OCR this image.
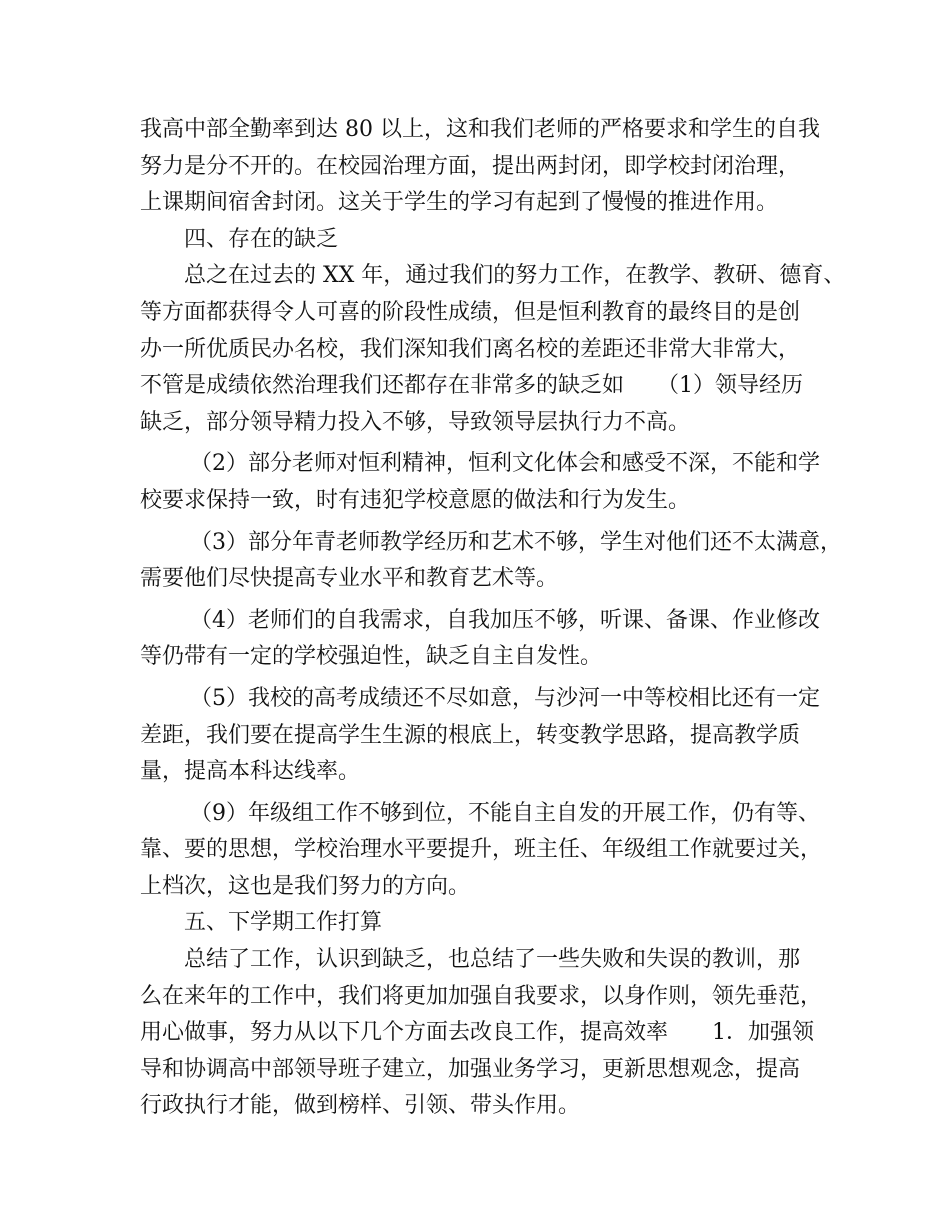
我高中部全勤率到达 80 以上，这和我们老师的严格要求和学生的自我
努力是分不开的。在校园治理方面，提出两封闭，即学校封闭治理，
上课期间宿舍封闭。这关于学生的学习有起到了慢慢的推进作用。
四、存在的缺乏
总之在过去的 XX 年，通过我们的努力工作，在教学、教研、德育、
等方面都获得令人可喜的阶段性成绩，但是恒利教育的最终目的是创
办一所优质民办名校，我们深知我们离名校的差距还非常大非常大，
不管是成绩依然治理我们还都存在非常多的缺乏如　　（1）领导经历
缺乏，部分领导精力投入不够，导致领导层执行力不高。
（2）部分老师对恒利精神，恒利文化体会和感受不深，不能和学
校要求保持一致，时有违犯学校意愿的做法和行为发生。
（3）部分年青老师教学经历和艺术不够，学生对他们还不太满意，
需要他们尽快提高专业水平和教育艺术等。
（4）老师们的自我需求，自我加压不够，听课、备课、作业修改
等仍带有一定的学校强迫性，缺乏自主自发性。
（5）我校的高考成绩还不尽如意，与沙河一中等校相比还有一定
差距，我们要在提高学生生源的根底上，转变教学思路，提高教学质
量，提高本科达线率。
（9）年级组工作不够到位，不能自主自发的开展工作，仍有等、
靠、要的思想，学校治理水平要提升，班主任、年级组工作就要过关，
上档次，这也是我们努力的方向。
五、下学期工作打算
总结了工作，认识到缺乏，也总结了一些失败和失误的教训，那
么在来年的工作中，我们将更加加强自我要求，以身作则，领先垂范，
用心做事，努力从以下几个方面去改良工作，提高效率　　1．加强领
导和协调高中部领导班子建立，加强业务学习，更新思想观念，提高
行政执行才能，做到榜样、引领、带头作用。
